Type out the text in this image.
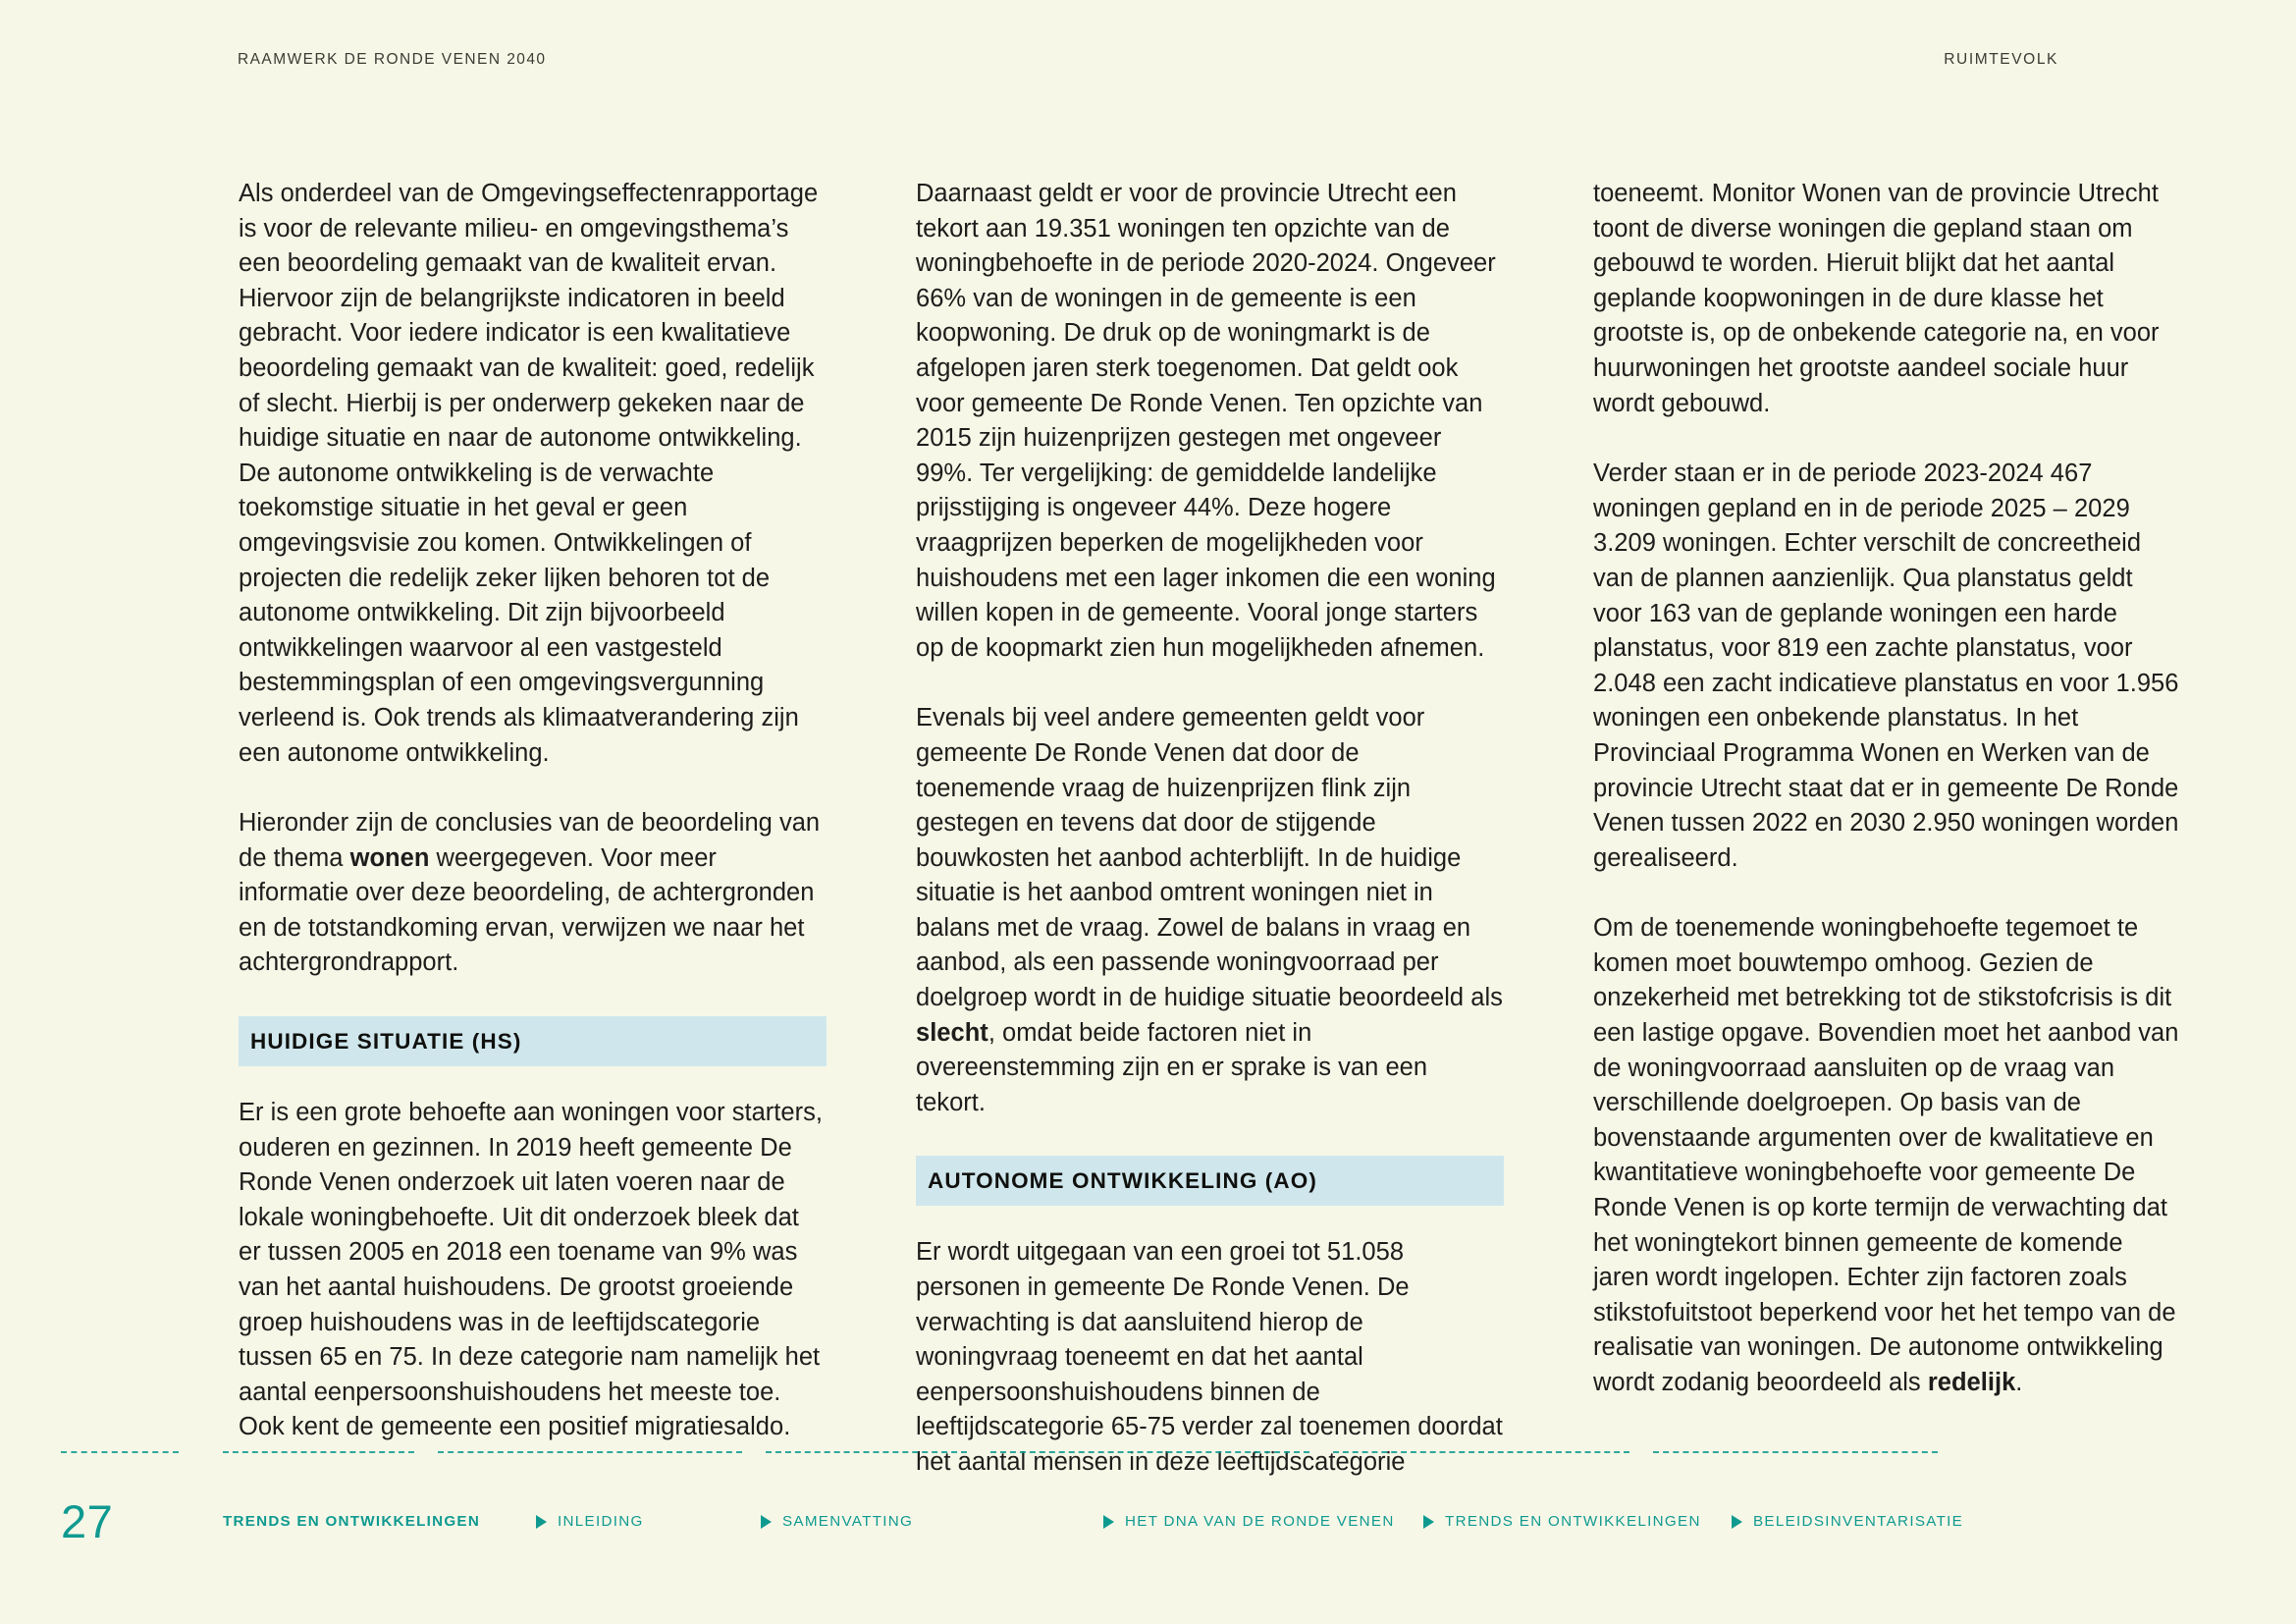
RAAMWERK DE RONDE VENEN 2040	RUIMTEVOLK

Als onderdeel van de Omgevingseffectenrapportage is voor de relevante milieu- en omgevingsthema’s een beoordeling gemaakt van de kwaliteit ervan. Hiervoor zijn de belangrijkste indicatoren in beeld gebracht. Voor iedere indicator is een kwalitatieve beoordeling gemaakt van de kwaliteit: goed, redelijk of slecht. Hierbij is per onderwerp gekeken naar de huidige situatie en naar de autonome ontwikkeling. De autonome ontwikkeling is de verwachte toekomstige situatie in het geval er geen omgevingsvisie zou komen. Ontwikkelingen of projecten die redelijk zeker lijken behoren tot de autonome ontwikkeling. Dit zijn bijvoorbeeld ontwikkelingen waarvoor al een vastgesteld bestemmingsplan of een omgevingsvergunning verleend is. Ook trends als klimaatverandering zijn een autonome ontwikkeling.

Hieronder zijn de conclusies van de beoordeling van de thema wonen weergegeven. Voor meer informatie over deze beoordeling, de achtergronden en de totstandkoming ervan, verwijzen we naar het achtergrondrapport.

HUIDIGE SITUATIE (HS)

Er is een grote behoefte aan woningen voor starters, ouderen en gezinnen. In 2019 heeft gemeente De Ronde Venen onderzoek uit laten voeren naar de lokale woningbehoefte. Uit dit onderzoek bleek dat er tussen 2005 en 2018 een toename van 9% was van het aantal huishoudens. De grootst groeiende groep huishoudens was in de leeftijdscategorie tussen 65 en 75. In deze categorie nam namelijk het aantal eenpersoonshuishoudens het meeste toe. Ook kent de gemeente een positief migratiesaldo.

Daarnaast geldt er voor de provincie Utrecht een tekort aan 19.351 woningen ten opzichte van de woningbehoefte in de periode 2020-2024. Ongeveer 66% van de woningen in de gemeente is een koopwoning. De druk op de woningmarkt is de afgelopen jaren sterk toegenomen. Dat geldt ook voor gemeente De Ronde Venen. Ten opzichte van 2015 zijn huizenprijzen gestegen met ongeveer 99%. Ter vergelijking: de gemiddelde landelijke prijsstijging is ongeveer 44%. Deze hogere vraagprijzen beperken de mogelijkheden voor huishoudens met een lager inkomen die een woning willen kopen in de gemeente. Vooral jonge starters op de koopmarkt zien hun mogelijkheden afnemen.

Evenals bij veel andere gemeenten geldt voor gemeente De Ronde Venen dat door de toenemende vraag de huizenprijzen flink zijn gestegen en tevens dat door de stijgende bouwkosten het aanbod achterblijft. In de huidige situatie is het aanbod omtrent woningen niet in balans met de vraag. Zowel de balans in vraag en aanbod, als een passende woningvoorraad per doelgroep wordt in de huidige situatie beoordeeld als slecht, omdat beide factoren niet in overeenstemming zijn en er sprake is van een tekort.

AUTONOME ONTWIKKELING (AO)

Er wordt uitgegaan van een groei tot 51.058 personen in gemeente De Ronde Venen. De verwachting is dat aansluitend hierop de woningvraag toeneemt en dat het aantal eenpersoonshuishoudens binnen de leeftijdscategorie 65-75 verder zal toenemen doordat het aantal mensen in deze leeftijdscategorie

toeneemt. Monitor Wonen van de provincie Utrecht toont de diverse woningen die gepland staan om gebouwd te worden. Hieruit blijkt dat het aantal geplande koopwoningen in de dure klasse het grootste is, op de onbekende categorie na, en voor huurwoningen het grootste aandeel sociale huur wordt gebouwd.

Verder staan er in de periode 2023-2024 467 woningen gepland en in de periode 2025 – 2029 3.209 woningen. Echter verschilt de concreetheid van de plannen aanzienlijk. Qua planstatus geldt voor 163 van de geplande woningen een harde planstatus, voor 819 een zachte planstatus, voor 2.048 een zacht indicatieve planstatus en voor 1.956 woningen een onbekende planstatus. In het Provinciaal Programma Wonen en Werken van de provincie Utrecht staat dat er in gemeente De Ronde Venen tussen 2022 en 2030 2.950 woningen worden gerealiseerd.

Om de toenemende woningbehoefte tegemoet te komen moet bouwtempo omhoog. Gezien de onzekerheid met betrekking tot de stikstofcrisis is dit een lastige opgave. Bovendien moet het aanbod van de woningvoorraad aansluiten op de vraag van verschillende doelgroepen. Op basis van de bovenstaande argumenten over de kwalitatieve en kwantitatieve woningbehoefte voor gemeente De Ronde Venen is op korte termijn de verwachting dat het woningtekort binnen gemeente de komende jaren wordt ingelopen. Echter zijn factoren zoals stikstofuitstoot beperkend voor het het tempo van de realisatie van woningen. De autonome ontwikkeling wordt zodanig beoordeeld als redelijk.

27	TRENDS EN ONTWIKKELINGEN	INLEIDING	SAMENVATTING	HET DNA VAN DE RONDE VENEN	TRENDS EN ONTWIKKELINGEN	BELEIDSINVENTARISATIE
